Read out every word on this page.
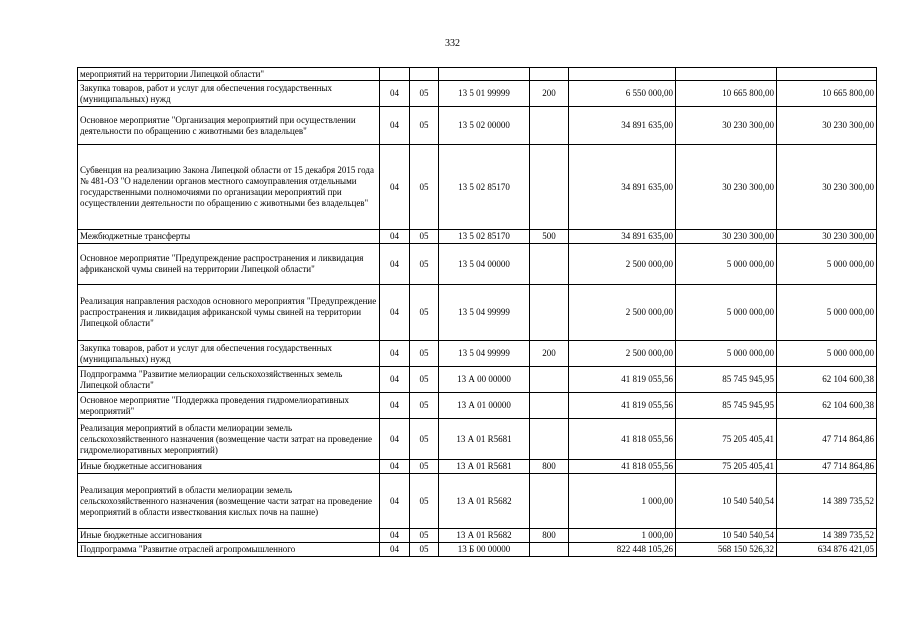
332
мероприятий на территории Липецкой области"							
Закупка товаров, работ и услуг для обеспечения государственных (муниципальных) нужд	04	05	13 5 01 99999	200	6 550 000,00	10 665 800,00	10 665 800,00
Основное мероприятие "Организация мероприятий при осуществлении деятельности по обращению с животными без владельцев"	04	05	13 5 02 00000		34 891 635,00	30 230 300,00	30 230 300,00
Субвенция на реализацию Закона Липецкой области от 15 декабря 2015 года № 481-ОЗ "О наделении органов местного самоуправления отдельными государственными полномочиями по организации мероприятий при осуществлении деятельности по обращению с животными без владельцев"	04	05	13 5 02 85170		34 891 635,00	30 230 300,00	30 230 300,00
Межбюджетные трансферты	04	05	13 5 02 85170	500	34 891 635,00	30 230 300,00	30 230 300,00
Основное мероприятие "Предупреждение распространения и ликвидация африканской чумы свиней на территории Липецкой области"	04	05	13 5 04 00000		2 500 000,00	5 000 000,00	5 000 000,00
Реализация направления расходов основного мероприятия "Предупреждение распространения и ликвидация африканской чумы свиней на территории Липецкой области"	04	05	13 5 04 99999		2 500 000,00	5 000 000,00	5 000 000,00
Закупка товаров, работ и услуг для обеспечения государственных (муниципальных) нужд	04	05	13 5 04 99999	200	2 500 000,00	5 000 000,00	5 000 000,00
Подпрограмма "Развитие мелиорации сельскохозяйственных земель Липецкой области"	04	05	13 А 00 00000		41 819 055,56	85 745 945,95	62 104 600,38
Основное мероприятие "Поддержка проведения гидромелиоративных мероприятий"	04	05	13 А 01 00000		41 819 055,56	85 745 945,95	62 104 600,38
Реализация мероприятий в области мелиорации земель сельскохозяйственного назначения (возмещение части затрат на проведение гидромелиоративных мероприятий)	04	05	13 А 01 R5681		41 818 055,56	75 205 405,41	47 714 864,86
Иные бюджетные ассигнования	04	05	13 А 01 R5681	800	41 818 055,56	75 205 405,41	47 714 864,86
Реализация мероприятий в области мелиорации земель сельскохозяйственного назначения (возмещение части затрат на проведение мероприятий в области известкования кислых почв на пашне)	04	05	13 А 01 R5682		1 000,00	10 540 540,54	14 389 735,52
Иные бюджетные ассигнования	04	05	13 А 01 R5682	800	1 000,00	10 540 540,54	14 389 735,52
Подпрограмма "Развитие отраслей агропромышленного	04	05	13 Б 00 00000		822 448 105,26	568 150 526,32	634 876 421,05
